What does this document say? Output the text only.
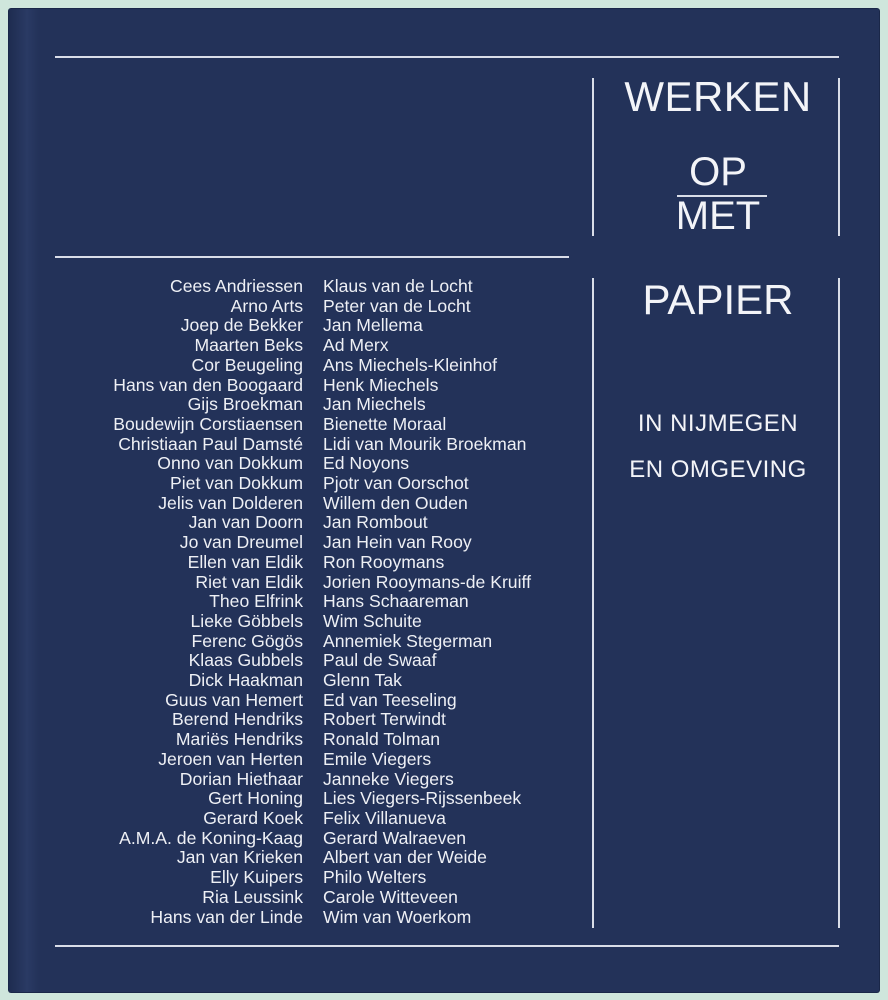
WERKEN
OP
MET
PAPIER
IN NIJMEGEN
EN OMGEVING
Cees Andriessen
Arno Arts
Joep de Bekker
Maarten Beks
Cor Beugeling
Hans van den Boogaard
Gijs Broekman
Boudewijn Corstiaensen
Christiaan Paul Damsté
Onno van Dokkum
Piet van Dokkum
Jelis van Dolderen
Jan van Doorn
Jo van Dreumel
Ellen van Eldik
Riet van Eldik
Theo Elfrink
Lieke Göbbels
Ferenc Gögös
Klaas Gubbels
Dick Haakman
Guus van Hemert
Berend Hendriks
Mariës Hendriks
Jeroen van Herten
Dorian Hiethaar
Gert Honing
Gerard Koek
A.M.A. de Koning-Kaag
Jan van Krieken
Elly Kuipers
Ria Leussink
Hans van der Linde
Klaus van de Locht
Peter van de Locht
Jan Mellema
Ad Merx
Ans Miechels-Kleinhof
Henk Miechels
Jan Miechels
Bienette Moraal
Lidi van Mourik Broekman
Ed Noyons
Pjotr van Oorschot
Willem den Ouden
Jan Rombout
Jan Hein van Rooy
Ron Rooymans
Jorien Rooymans-de Kruiff
Hans Schaareman
Wim Schuite
Annemiek Stegerman
Paul de Swaaf
Glenn Tak
Ed van Teeseling
Robert Terwindt
Ronald Tolman
Emile Viegers
Janneke Viegers
Lies Viegers-Rijssenbeek
Felix Villanueva
Gerard Walraeven
Albert van der Weide
Philo Welters
Carole Witteveen
Wim van Woerkom
